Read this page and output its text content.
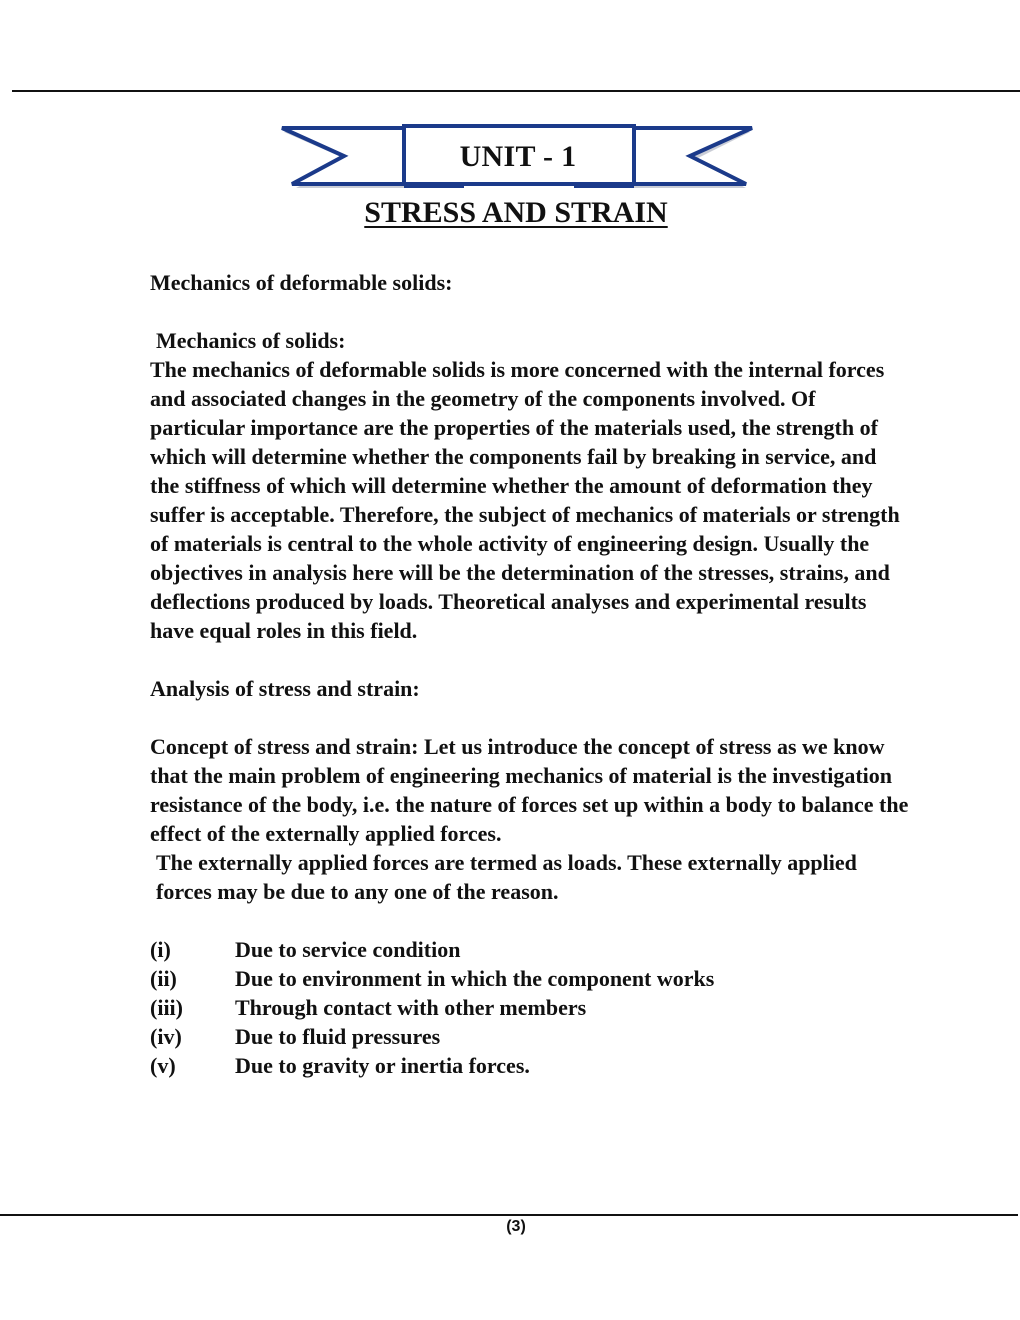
UNIT - 1
STRESS AND STRAIN

Mechanics of deformable solids:

Mechanics of solids:

The mechanics of deformable solids is more concerned with the internal forces and associated changes in the geometry of the components involved. Of particular importance are the properties of the materials used, the strength of which will determine whether the components fail by breaking in service, and the stiffness of which will determine whether the amount of deformation they suffer is acceptable. Therefore, the subject of mechanics of materials or strength of materials is central to the whole activity of engineering design. Usually the objectives in analysis here will be the determination of the stresses, strains, and deflections produced by loads. Theoretical analyses and experimental results have equal roles in this field.

Analysis of stress and strain:

Concept of stress and strain: Let us introduce the concept of stress as we know that the main problem of engineering mechanics of material is the investigation resistance of the body, i.e. the nature of forces set up within a body to balance the effect of the externally applied forces.

The externally applied forces are termed as loads. These externally applied forces may be due to any one of the reason.

(i)	Due to service condition
(ii)	Due to environment in which the component works
(iii)	Through contact with other members
(iv)	Due to fluid pressures
(v)	Due to gravity or inertia forces.
(3)
